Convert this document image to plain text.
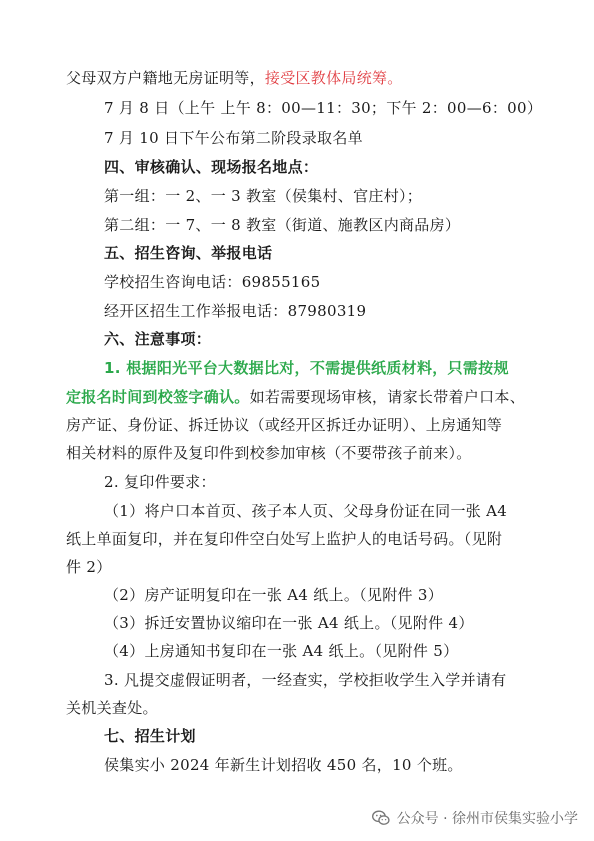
父母双方户籍地无房证明等，接受区教体局统筹。
7 月 8 日（上午 上午 8：00—11：30；下午 2：00—6：00）
7 月 10 日下午公布第二阶段录取名单
四、审核确认、现场报名地点：
第一组：一 2、一 3 教室（侯集村、官庄村）；
第二组：一 7、一 8 教室（街道、施教区内商品房）
五、招生咨询、举报电话
学校招生咨询电话：69855165
经开区招生工作举报电话：87980319
六、注意事项：
1. 根据阳光平台大数据比对，不需提供纸质材料，只需按规
定报名时间到校签字确认。如若需要现场审核，请家长带着户口本、
房产证、身份证、拆迁协议（或经开区拆迁办证明）、上房通知等
相关材料的原件及复印件到校参加审核（不要带孩子前来）。
2. 复印件要求：
（1）将户口本首页、孩子本人页、父母身份证在同一张 A4
纸上单面复印，并在复印件空白处写上监护人的电话号码。（见附
件 2）
（2）房产证明复印在一张 A4 纸上。（见附件 3）
（3）拆迁安置协议缩印在一张 A4 纸上。（见附件 4）
（4）上房通知书复印在一张 A4 纸上。（见附件 5）
3. 凡提交虚假证明者，一经查实，学校拒收学生入学并请有
关机关查处。
七、招生计划
侯集实小 2024 年新生计划招收 450 名，10 个班。
公众号 · 徐州市侯集实验小学
